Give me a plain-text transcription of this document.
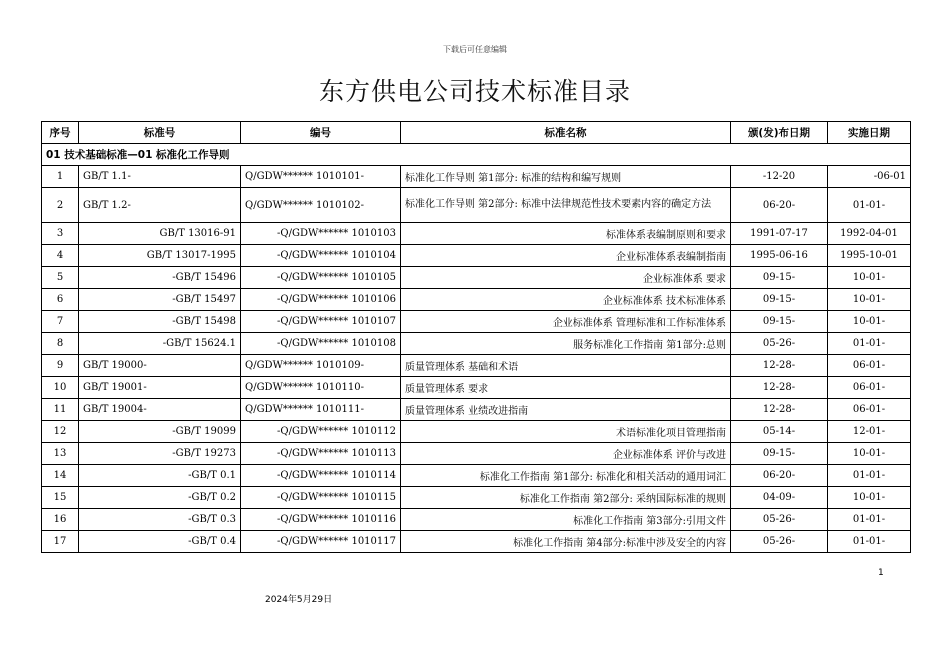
下载后可任意编辑
东方供电公司技术标准目录
序号	标准号	编号	标准名称	颁(发)布日期	实施日期
01 技术基础标准—01 标准化工作导则					
1	GB/T 1.1-	Q/GDW****** 1010101-	标准化工作导则 第1部分: 标准的结构和编写规则	-12-20	-06-01
2	GB/T 1.2-	Q/GDW****** 1010102-	标准化工作导则 第2部分: 标准中法律规范性技术要素内容的确定方法	06-20-	01-01-
3	GB/T 13016-91	-Q/GDW****** 1010103	标准体系表编制原则和要求	1991-07-17	1992-04-01
4	GB/T 13017-1995	-Q/GDW****** 1010104	企业标准体系表编制指南	1995-06-16	1995-10-01
5	-GB/T 15496	-Q/GDW****** 1010105	企业标准体系 要求	09-15-	10-01-
6	-GB/T 15497	-Q/GDW****** 1010106	企业标准体系 技术标准体系	09-15-	10-01-
7	-GB/T 15498	-Q/GDW****** 1010107	企业标准体系 管理标准和工作标准体系	09-15-	10-01-
8	-GB/T 15624.1	-Q/GDW****** 1010108	服务标准化工作指南 第1部分:总则	05-26-	01-01-
9	GB/T 19000-	Q/GDW****** 1010109-	质量管理体系 基础和术语	12-28-	06-01-
10	GB/T 19001-	Q/GDW****** 1010110-	质量管理体系 要求	12-28-	06-01-
11	GB/T 19004-	Q/GDW****** 1010111-	质量管理体系 业绩改进指南	12-28-	06-01-
12	-GB/T 19099	-Q/GDW****** 1010112	术语标准化项目管理指南	05-14-	12-01-
13	-GB/T 19273	-Q/GDW****** 1010113	企业标准体系 评价与改进	09-15-	10-01-
14	-GB/T 0.1	-Q/GDW****** 1010114	标准化工作指南 第1部分: 标准化和相关活动的通用词汇	06-20-	01-01-
15	-GB/T 0.2	-Q/GDW****** 1010115	标准化工作指南 第2部分: 采纳国际标准的规则	04-09-	10-01-
16	-GB/T 0.3	-Q/GDW****** 1010116	标准化工作指南 第3部分:引用文件	05-26-	01-01-
17	-GB/T 0.4	-Q/GDW****** 1010117	标准化工作指南 第4部分:标准中涉及安全的内容	05-26-	01-01-
1
2024年5月29日
